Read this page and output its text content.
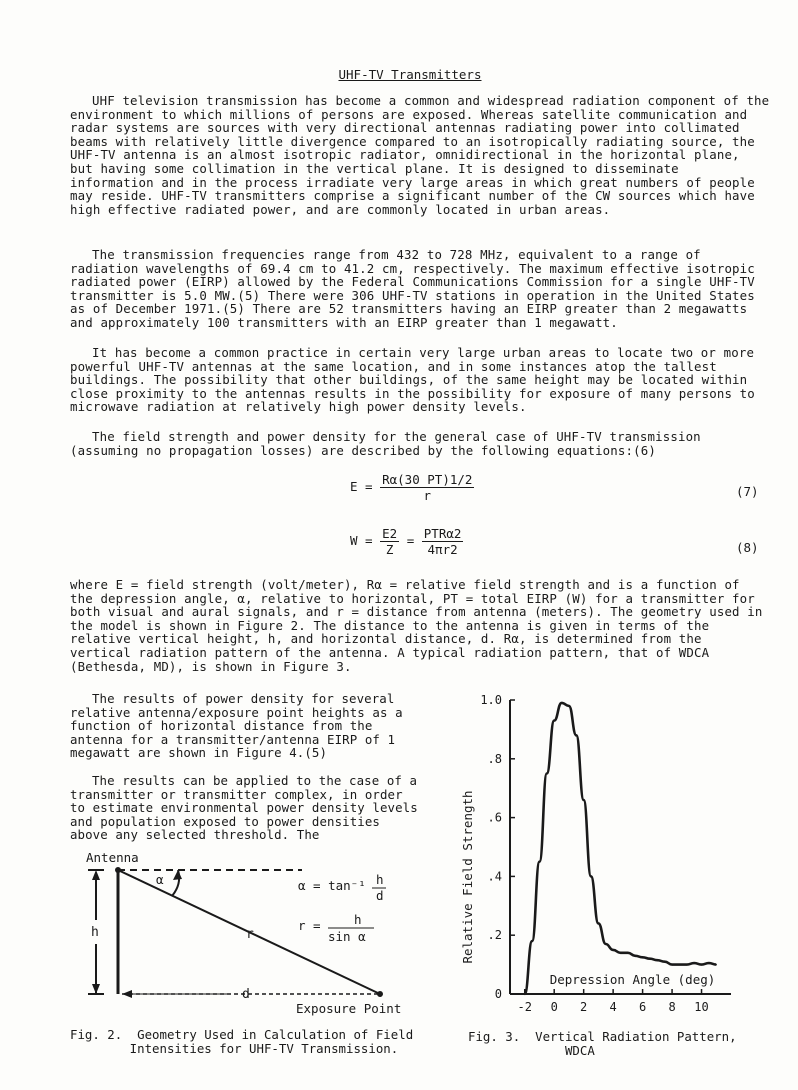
UHF-TV Transmitters

UHF television transmission has become a common and widespread radiation component of the environment to which millions of persons are exposed. Whereas satellite communication and radar systems are sources with very directional antennas radiating power into collimated beams with relatively little divergence compared to an isotropically radiating source, the UHF-TV antenna is an almost isotropic radiator, omnidirectional in the horizontal plane, but having some collimation in the vertical plane. It is designed to disseminate information and in the process irradiate very large areas in which great numbers of people may reside. UHF-TV transmitters comprise a significant number of the CW sources which have high effective radiated power, and are commonly located in urban areas.

The transmission frequencies range from 432 to 728 MHz, equivalent to a range of radiation wavelengths of 69.4 cm to 41.2 cm, respectively. The maximum effective isotropic radiated power (EIRP) allowed by the Federal Communications Commission for a single UHF-TV transmitter is 5.0 MW.(5) There were 306 UHF-TV stations in operation in the United States as of December 1971.(5) There are 52 transmitters having an EIRP greater than 2 megawatts and approximately 100 transmitters with an EIRP greater than 1 megawatt.

It has become a common practice in certain very large urban areas to locate two or more powerful UHF-TV antennas at the same location, and in some instances atop the tallest buildings. The possibility that other buildings, of the same height may be located within close proximity to the antennas results in the possibility for exposure of many persons to microwave radiation at relatively high power density levels.

The field strength and power density for the general case of UHF-TV transmission (assuming no propagation losses) are described by the following equations:(6)

$E = \frac{R\alpha(30 PT)1/2}{r}$	(7)
$W = \frac{E2}{Z} = \frac{\text{PTRα2}}{4\pi r2}$	(8)

where E = field strength (volt/meter), Rα = relative field strength and is a function of the depression angle, α, relative to horizontal, PT = total EIRP (W) for a transmitter for both visual and aural signals, and r = distance from antenna (meters). The geometry used in the model is shown in Figure 2. The distance to the antenna is given in terms of the relative vertical height, h, and horizontal distance, d. Rα, is determined from the vertical radiation pattern of the antenna. A typical radiation pattern, that of WDCA (Bethesda, MD), is shown in Figure 3.

The results of power density for several relative antenna/exposure point heights as a function of horizontal distance from the antenna for a transmitter/antenna EIRP of 1 megawatt are shown in Figure 4.(5)

The results can be applied to the case of a transmitter or transmitter complex, in order to estimate environmental power density levels and population exposed to power densities above any selected threshold. The

Antenna
h
d
α
r
α = tan⁻¹ h
d
r =	h
sin α
Exposure Point
Fig. 2.  Geometry Used in Calculation of Field
Intensities for UHF-TV Transmission.
0
.2
.4
.6
.8
1.0
-2 0 2 4 6 8 10
Depression Angle (deg)
Relative Field Strength
Fig. 3.  Vertical Radiation Pattern,
WDCA
